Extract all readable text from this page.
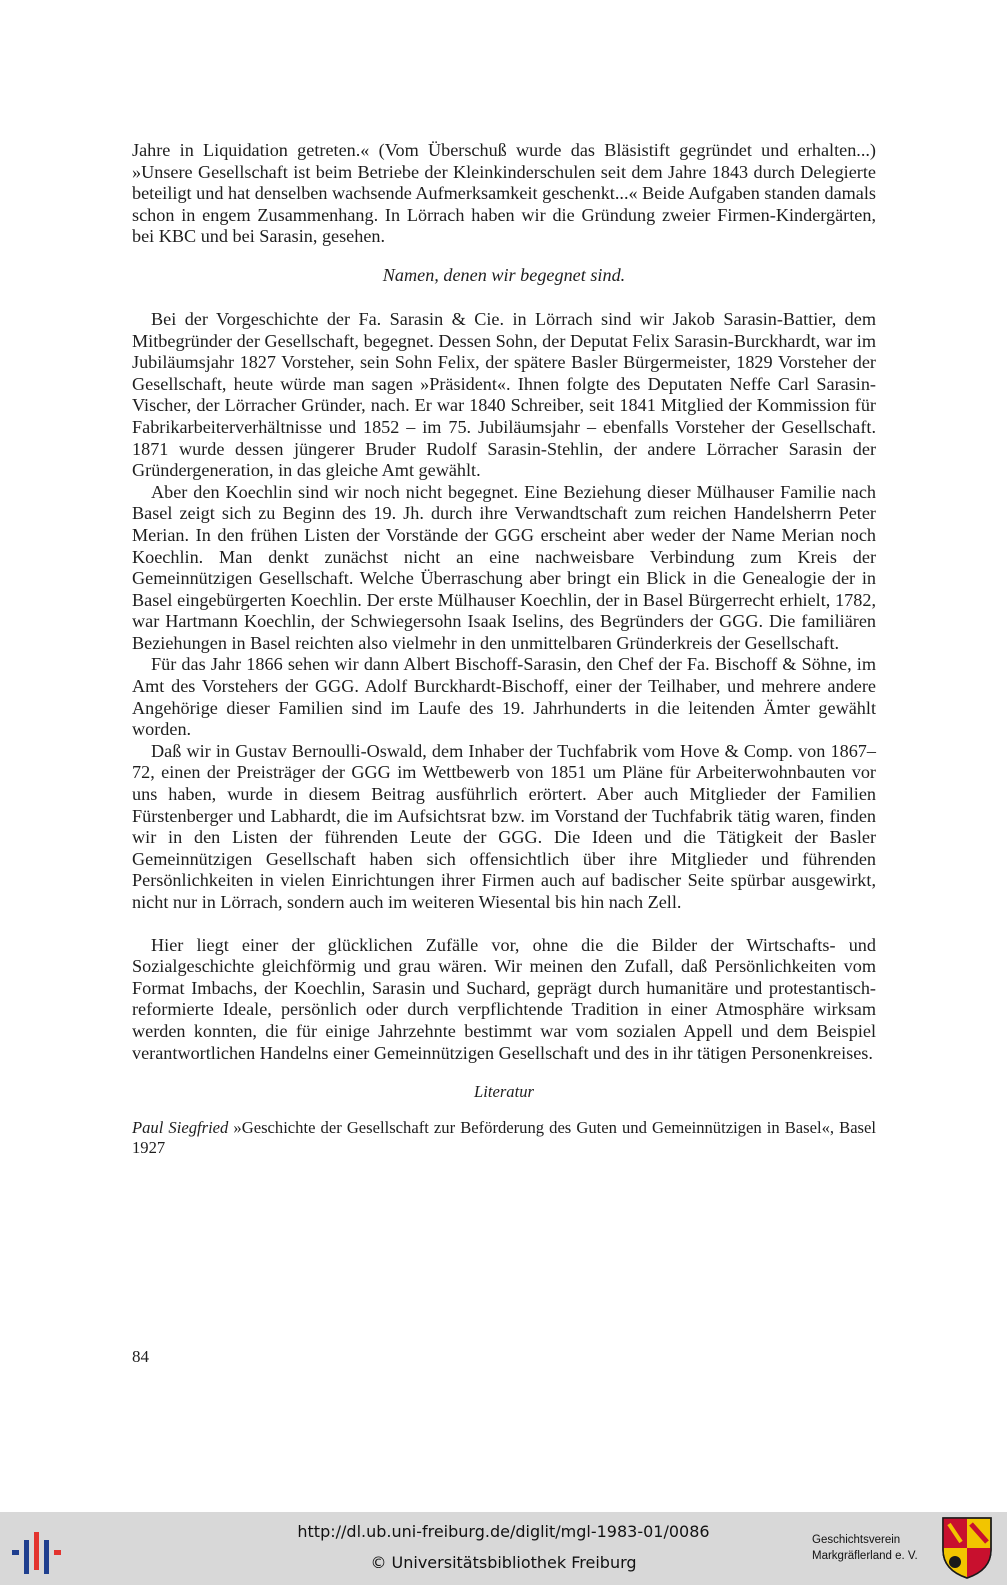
Jahre in Liquidation getreten.« (Vom Überschuß wurde das Bläsistift gegründet und erhalten...) »Unsere Gesellschaft ist beim Betriebe der Kleinkinderschulen seit dem Jahre 1843 durch Delegierte beteiligt und hat denselben wachsende Aufmerksamkeit geschenkt...« Beide Aufgaben standen damals schon in engem Zusammenhang. In Lörrach haben wir die Gründung zweier Firmen-Kindergärten, bei KBC und bei Sarasin, gesehen.

Namen, denen wir begegnet sind.

Bei der Vorgeschichte der Fa. Sarasin & Cie. in Lörrach sind wir Jakob Sarasin-Battier, dem Mitbegründer der Gesellschaft, begegnet. Dessen Sohn, der Deputat Felix Sarasin-Burckhardt, war im Jubiläumsjahr 1827 Vorsteher, sein Sohn Felix, der spätere Basler Bürgermeister, 1829 Vorsteher der Gesellschaft, heute würde man sagen »Präsident«. Ihnen folgte des Deputaten Neffe Carl Sarasin-Vischer, der Lörracher Gründer, nach. Er war 1840 Schreiber, seit 1841 Mitglied der Kommission für Fabrikarbeiterverhältnisse und 1852 – im 75. Jubiläumsjahr – ebenfalls Vorsteher der Gesellschaft. 1871 wurde dessen jüngerer Bruder Rudolf Sarasin-Stehlin, der andere Lörracher Sarasin der Gründergeneration, in das gleiche Amt gewählt.

Aber den Koechlin sind wir noch nicht begegnet. Eine Beziehung dieser Mülhauser Familie nach Basel zeigt sich zu Beginn des 19. Jh. durch ihre Verwandtschaft zum reichen Handelsherrn Peter Merian. In den frühen Listen der Vorstände der GGG erscheint aber weder der Name Merian noch Koechlin. Man denkt zunächst nicht an eine nachweisbare Verbindung zum Kreis der Gemeinnützigen Gesellschaft. Welche Überraschung aber bringt ein Blick in die Genealogie der in Basel eingebürgerten Koechlin. Der erste Mülhauser Koechlin, der in Basel Bürgerrecht erhielt, 1782, war Hartmann Koechlin, der Schwiegersohn Isaak Iselins, des Begründers der GGG. Die familiären Beziehungen in Basel reichten also vielmehr in den unmittelbaren Gründerkreis der Gesellschaft.

Für das Jahr 1866 sehen wir dann Albert Bischoff-Sarasin, den Chef der Fa. Bischoff & Söhne, im Amt des Vorstehers der GGG. Adolf Burckhardt-Bischoff, einer der Teilhaber, und mehrere andere Angehörige dieser Familien sind im Laufe des 19. Jahrhunderts in die leitenden Ämter gewählt worden.

Daß wir in Gustav Bernoulli-Oswald, dem Inhaber der Tuchfabrik vom Hove & Comp. von 1867–72, einen der Preisträger der GGG im Wettbewerb von 1851 um Pläne für Arbeiterwohnbauten vor uns haben, wurde in diesem Beitrag ausführlich erörtert. Aber auch Mitglieder der Familien Fürstenberger und Labhardt, die im Aufsichtsrat bzw. im Vorstand der Tuchfabrik tätig waren, finden wir in den Listen der führenden Leute der GGG. Die Ideen und die Tätigkeit der Basler Gemeinnützigen Gesellschaft haben sich offensichtlich über ihre Mitglieder und führenden Persönlichkeiten in vielen Einrichtungen ihrer Firmen auch auf badischer Seite spürbar ausgewirkt, nicht nur in Lörrach, sondern auch im weiteren Wiesental bis hin nach Zell.

Hier liegt einer der glücklichen Zufälle vor, ohne die die Bilder der Wirtschafts- und Sozialgeschichte gleichförmig und grau wären. Wir meinen den Zufall, daß Persönlichkeiten vom Format Imbachs, der Koechlin, Sarasin und Suchard, geprägt durch humanitäre und protestantisch-reformierte Ideale, persönlich oder durch verpflichtende Tradition in einer Atmosphäre wirksam werden konnten, die für einige Jahrzehnte bestimmt war vom sozialen Appell und dem Beispiel verantwortlichen Handelns einer Gemeinnützigen Gesellschaft und des in ihr tätigen Personenkreises.

Literatur

Paul Siegfried »Geschichte der Gesellschaft zur Beförderung des Guten und Gemeinnützigen in Basel«, Basel 1927

84

http://dl.ub.uni-freiburg.de/diglit/mgl-1983-01/0086

© Universitätsbibliothek Freiburg

Geschichtsverein
Markgräflerland e. V.
